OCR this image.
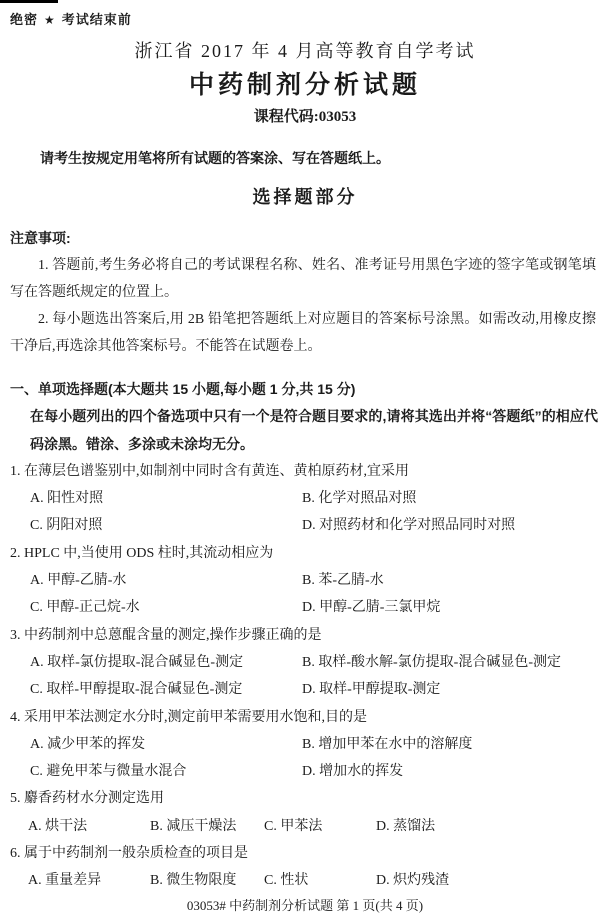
绝密 ★ 考试结束前
浙江省 2017 年 4 月高等教育自学考试
中药制剂分析试题
课程代码:03053

请考生按规定用笔将所有试题的答案涂、写在答题纸上。

选择题部分
注意事项:

1. 答题前,考生务必将自己的考试课程名称、姓名、准考证号用黑色字迹的签字笔或钢笔填写在答题纸规定的位置上。

2. 每小题选出答案后,用 2B 铅笔把答题纸上对应题目的答案标号涂黑。如需改动,用橡皮擦干净后,再选涂其他答案标号。不能答在试题卷上。

一、单项选择题(本大题共 15 小题,每小题 1 分,共 15 分)
在每小题列出的四个备选项中只有一个是符合题目要求的,请将其选出并将“答题纸”的相应代码涂黑。错涂、多涂或未涂均无分。
1. 在薄层色谱鉴别中,如制剂中同时含有黄连、黄柏原药材,宜采用
A. 阳性对照	B. 化学对照品对照
C. 阴阳对照	D. 对照药材和化学对照品同时对照
2. HPLC 中,当使用 ODS 柱时,其流动相应为
A. 甲醇-乙腈-水	B. 苯-乙腈-水
C. 甲醇-正己烷-水	D. 甲醇-乙腈-三氯甲烷
3. 中药制剂中总蒽醌含量的测定,操作步骤正确的是
A. 取样-氯仿提取-混合碱显色-测定	B. 取样-酸水解-氯仿提取-混合碱显色-测定
C. 取样-甲醇提取-混合碱显色-测定	D. 取样-甲醇提取-测定
4. 采用甲苯法测定水分时,测定前甲苯需要用水饱和,目的是
A. 减少甲苯的挥发	B. 增加甲苯在水中的溶解度
C. 避免甲苯与微量水混合	D. 增加水的挥发
5. 麝香药材水分测定选用
A. 烘干法	B. 减压干燥法	C. 甲苯法	D. 蒸馏法
6. 属于中药制剂一般杂质检查的项目是
A. 重量差异	B. 微生物限度	C. 性状	D. 炽灼残渣
03053# 中药制剂分析试题 第 1 页(共 4 页)
